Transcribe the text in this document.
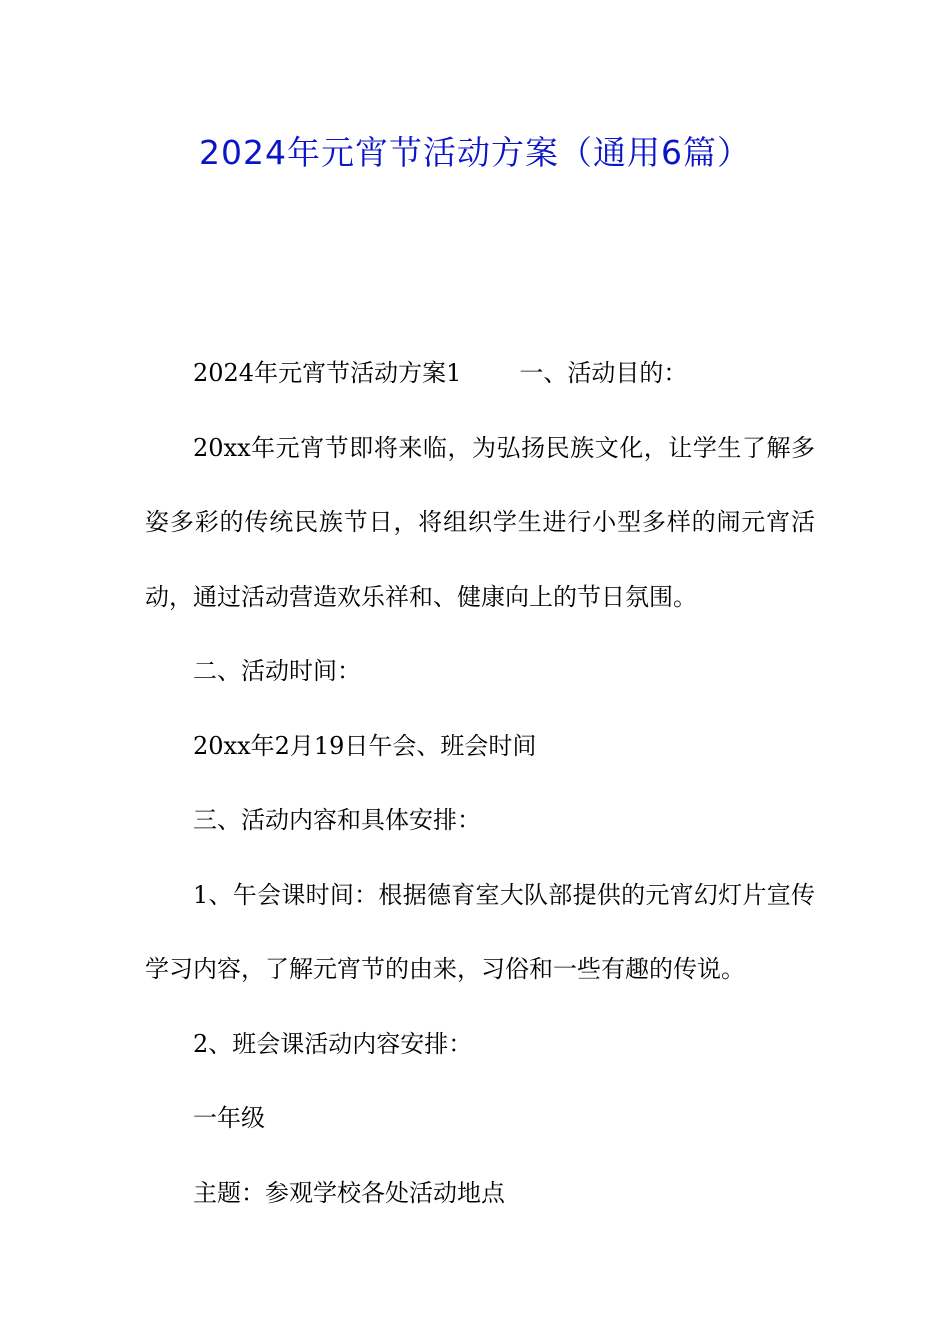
2024年元宵节活动方案（通用6篇）

2024年元宵节活动方案1 一、活动目的：

20xx年元宵节即将来临，为弘扬民族文化，让学生了解多姿多彩的传统民族节日，将组织学生进行小型多样的闹元宵活动，通过活动营造欢乐祥和、健康向上的节日氛围。

二、活动时间：

20xx年2月19日午会、班会时间

三、活动内容和具体安排：

1、午会课时间：根据德育室大队部提供的元宵幻灯片宣传学习内容，了解元宵节的由来，习俗和一些有趣的传说。

2、班会课活动内容安排：

一年级

主题：参观学校各处活动地点
